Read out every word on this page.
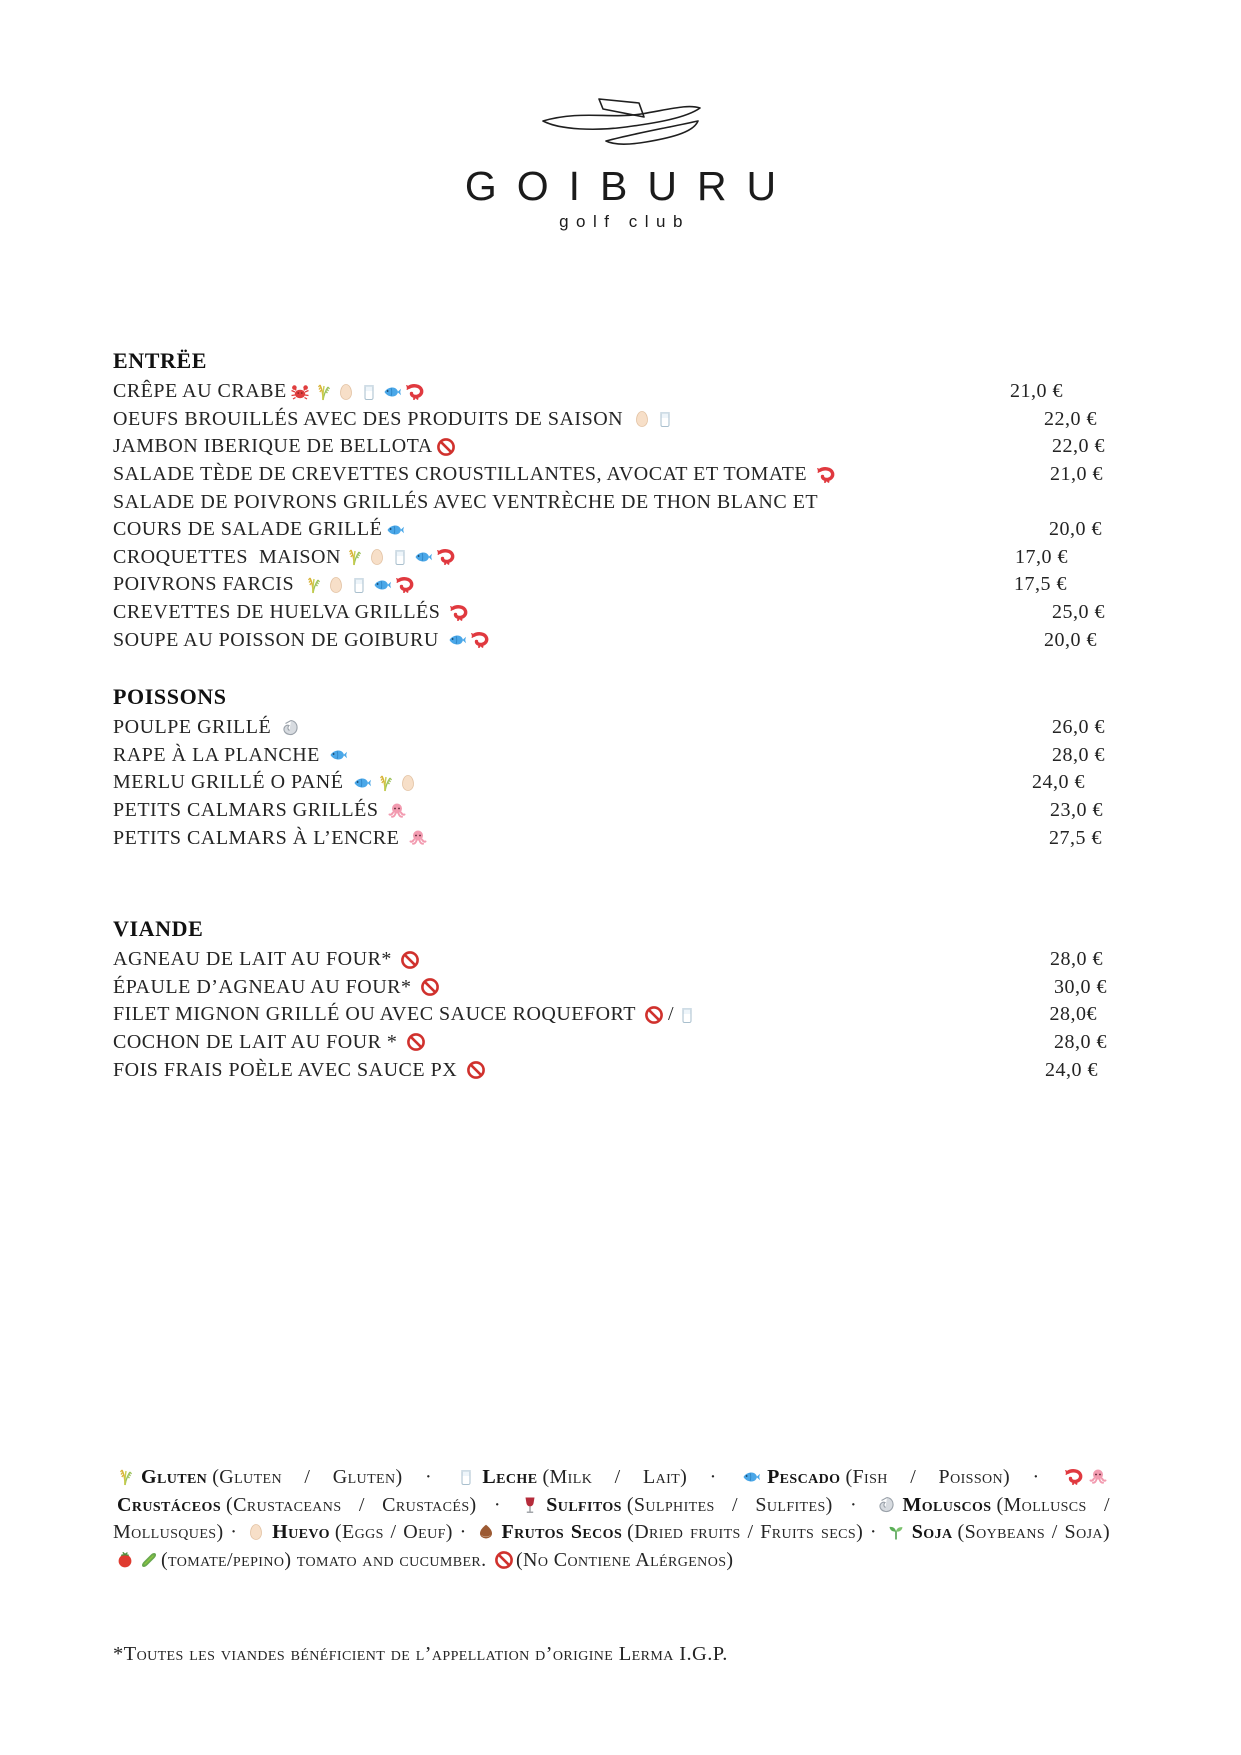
GOIBURU
golf club
ENTRËE
CRÊPE AU CRABE	21,0 €
OEUFS BROUILLÉS AVEC DES PRODUITS DE SAISON	22,0 €
JAMBON IBERIQUE DE BELLOTA	22,0 €
SALADE TÈDE DE CREVETTES CROUSTILLANTES, AVOCAT ET TOMATE	21,0 €
SALADE DE POIVRONS GRILLÉS AVEC VENTRÈCHE DE THON BLANC ET
COURS DE SALADE GRILLÉ	20,0 €
CROQUETTES  MAISON	17,0 €
POIVRONS FARCIS	17,5 €
CREVETTES DE HUELVA GRILLÉS	25,0 €
SOUPE AU POISSON DE GOIBURU	20,0 €
POISSONS
POULPE GRILLÉ	26,0 €
RAPE À LA PLANCHE	28,0 €
MERLU GRILLÉ O PANÉ	24,0 €
PETITS CALMARS GRILLÉS	23,0 €
PETITS CALMARS À L’ENCRE	27,5 €
VIANDE
AGNEAU DE LAIT AU FOUR*	28,0 €
ÉPAULE D’AGNEAU AU FOUR*	30,0 €
FILET MIGNON GRILLÉ OU AVEC SAUCE ROQUEFORT /	28,0€
COCHON DE LAIT AU FOUR *	28,0 €
FOIS FRAIS POÈLE AVEC SAUCE PX	24,0 €

Gluten (Gluten / Gluten) ·
Leche (Milk / Lait) ·
Pescado (Fish / Poisson) ·
Crustáceos (Crustaceans / Crustacés) ·
Sulfitos (Sulphites / Sulfites) ·
Moluscos (Molluscs / Mollusques) ·
Huevo (Eggs / Oeuf) ·
Frutos Secos (Dried fruits / Fruits secs) ·
Soja (Soybeans / Soja)
(tomate/pepino) tomato and cucumber.
(No Contiene Alérgenos)

*Toutes les viandes bénéficient de l’appellation d’origine Lerma I.G.P.
